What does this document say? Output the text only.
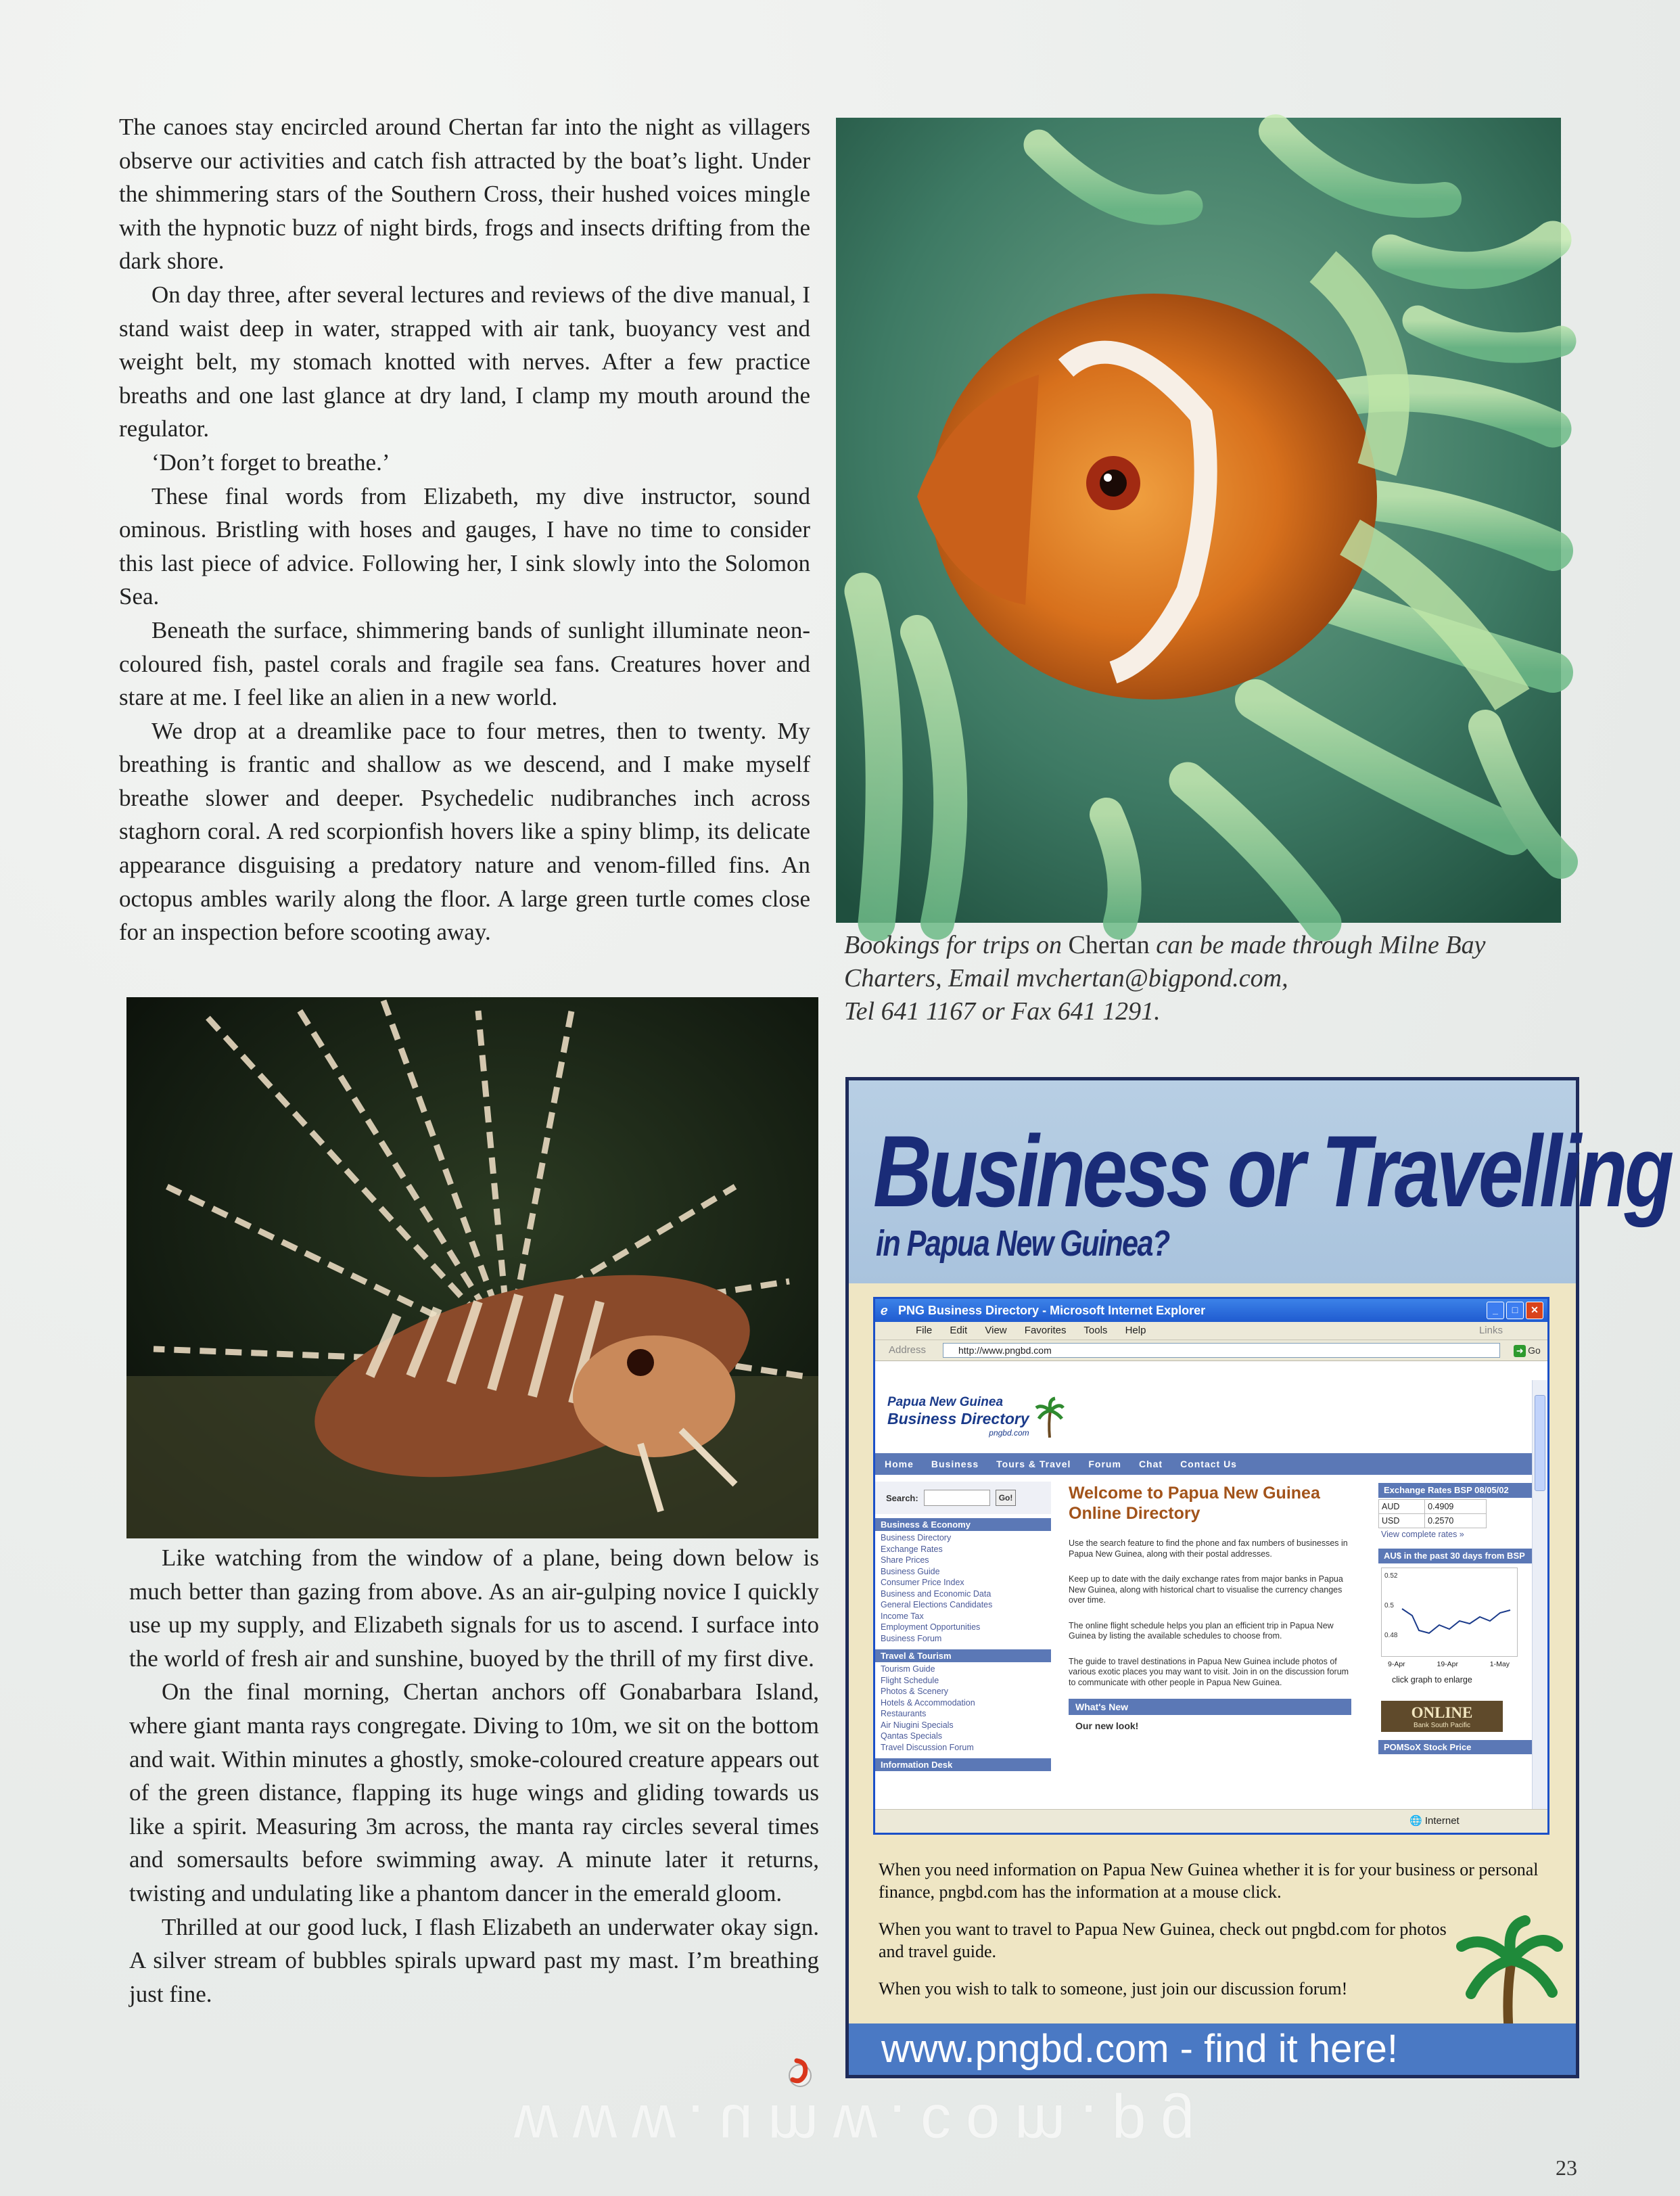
The canoes stay encircled around Chertan far into the night as villagers observe our activities and catch fish attracted by the boat’s light. Under the shimmering stars of the Southern Cross, their hushed voices mingle with the hypnotic buzz of night birds, frogs and insects drifting from the dark shore.

On day three, after several lectures and reviews of the dive manual, I stand waist deep in water, strapped with air tank, buoyancy vest and weight belt, my stomach knotted with nerves. After a few practice breaths and one last glance at dry land, I clamp my mouth around the regulator.

‘Don’t forget to breathe.’

These final words from Elizabeth, my dive instructor, sound ominous. Bristling with hoses and gauges, I have no time to consider this last piece of advice. Following her, I sink slowly into the Solomon Sea.

Beneath the surface, shimmering bands of sunlight illuminate neon-coloured fish, pastel corals and fragile sea fans. Creatures hover and stare at me. I feel like an alien in a new world.

We drop at a dreamlike pace to four metres, then to twenty. My breathing is frantic and shallow as we descend, and I make myself breathe slower and deeper. Psychedelic nudibranches inch across staghorn coral. A red scorpionfish hovers like a spiny blimp, its delicate appearance disguising a predatory nature and venom-filled fins. An octopus ambles warily along the floor. A large green turtle comes close for an inspection before scooting away.	Bookings for trips on Chertan can be made through Milne Bay Charters, Email mvchertan@bigpond.com,
Tel 641 1167 or Fax 641 1291.

Like watching from the window of a plane, being down below is much better than gazing from above. As an air-gulping novice I quickly use up my supply, and Elizabeth signals for us to ascend. I surface into the world of fresh air and sunshine, buoyed by the thrill of my first dive.

On the final morning, Chertan anchors off Gonabarbara Island, where giant manta rays congregate. Diving to 10m, we sit on the bottom and wait. Within minutes a ghostly, smoke-coloured creature appears out of the green distance, flapping its huge wings and gliding towards us like a spirit. Measuring 3m across, the manta ray circles several times and somersaults before swimming away. A minute later it returns, twisting and undulating like a phantom dancer in the emerald gloom.

Thrilled at our good luck, I flash Elizabeth an underwater okay sign. A silver stream of bubbles spirals upward past my mast. I’m breathing just fine.

Business or Travelling
in Papua New Guinea?
ℯ PNG Business Directory - Microsoft Internet Explorer	_	□	✕
File Edit View Favorites Tools Help	Links
Address	http://www.pngbd.com	➜ Go
Papua New Guinea
Business Directory
pngbd.com
Home Business Tours & Travel Forum Chat Contact Us
Search:	Go!
Business & Economy
Business Directory
Exchange Rates
Share Prices
Business Guide
Consumer Price Index
Business and Economic Data
General Elections Candidates
Income Tax
Employment Opportunities
Business Forum
Travel & Tourism
Tourism Guide
Flight Schedule
Photos & Scenery
Hotels & Accommodation
Restaurants
Air Niugini Specials
Qantas Specials
Travel Discussion Forum
Information Desk
Welcome to Papua New Guinea Online Directory
Use the search feature to find the phone and fax numbers of businesses in Papua New Guinea, along with their postal addresses.
Keep up to date with the daily exchange rates from major banks in Papua New Guinea, along with historical chart to visualise the currency changes over time.
The online flight schedule helps you plan an efficient trip in Papua New Guinea by listing the available schedules to choose from.
The guide to travel destinations in Papua New Guinea include photos of various exotic places you may want to visit. Join in on the discussion forum to communicate with other people in Papua New Guinea.
What's New
Our new look!
Exchange Rates BSP 08/05/02
AUD	0.4909
USD	0.2570
View complete rates »
AU$ in the past 30 days from BSP
0.52
0.5
0.48
9-Apr	19-Apr	1-May
click graph to enlarge
ONLINE
Bank South Pacific
POMSoX Stock Price
🌐 Internet

When you need information on Papua New Guinea whether it is for your business or personal finance, pngbd.com has the information at a mouse click.

When you want to travel to Papua New Guinea, check out pngbd.com for photos and travel guide.

When you wish to talk to someone, just join our discussion forum!

www.pngbd.com - find it here!
www.umw.com.pg
23
